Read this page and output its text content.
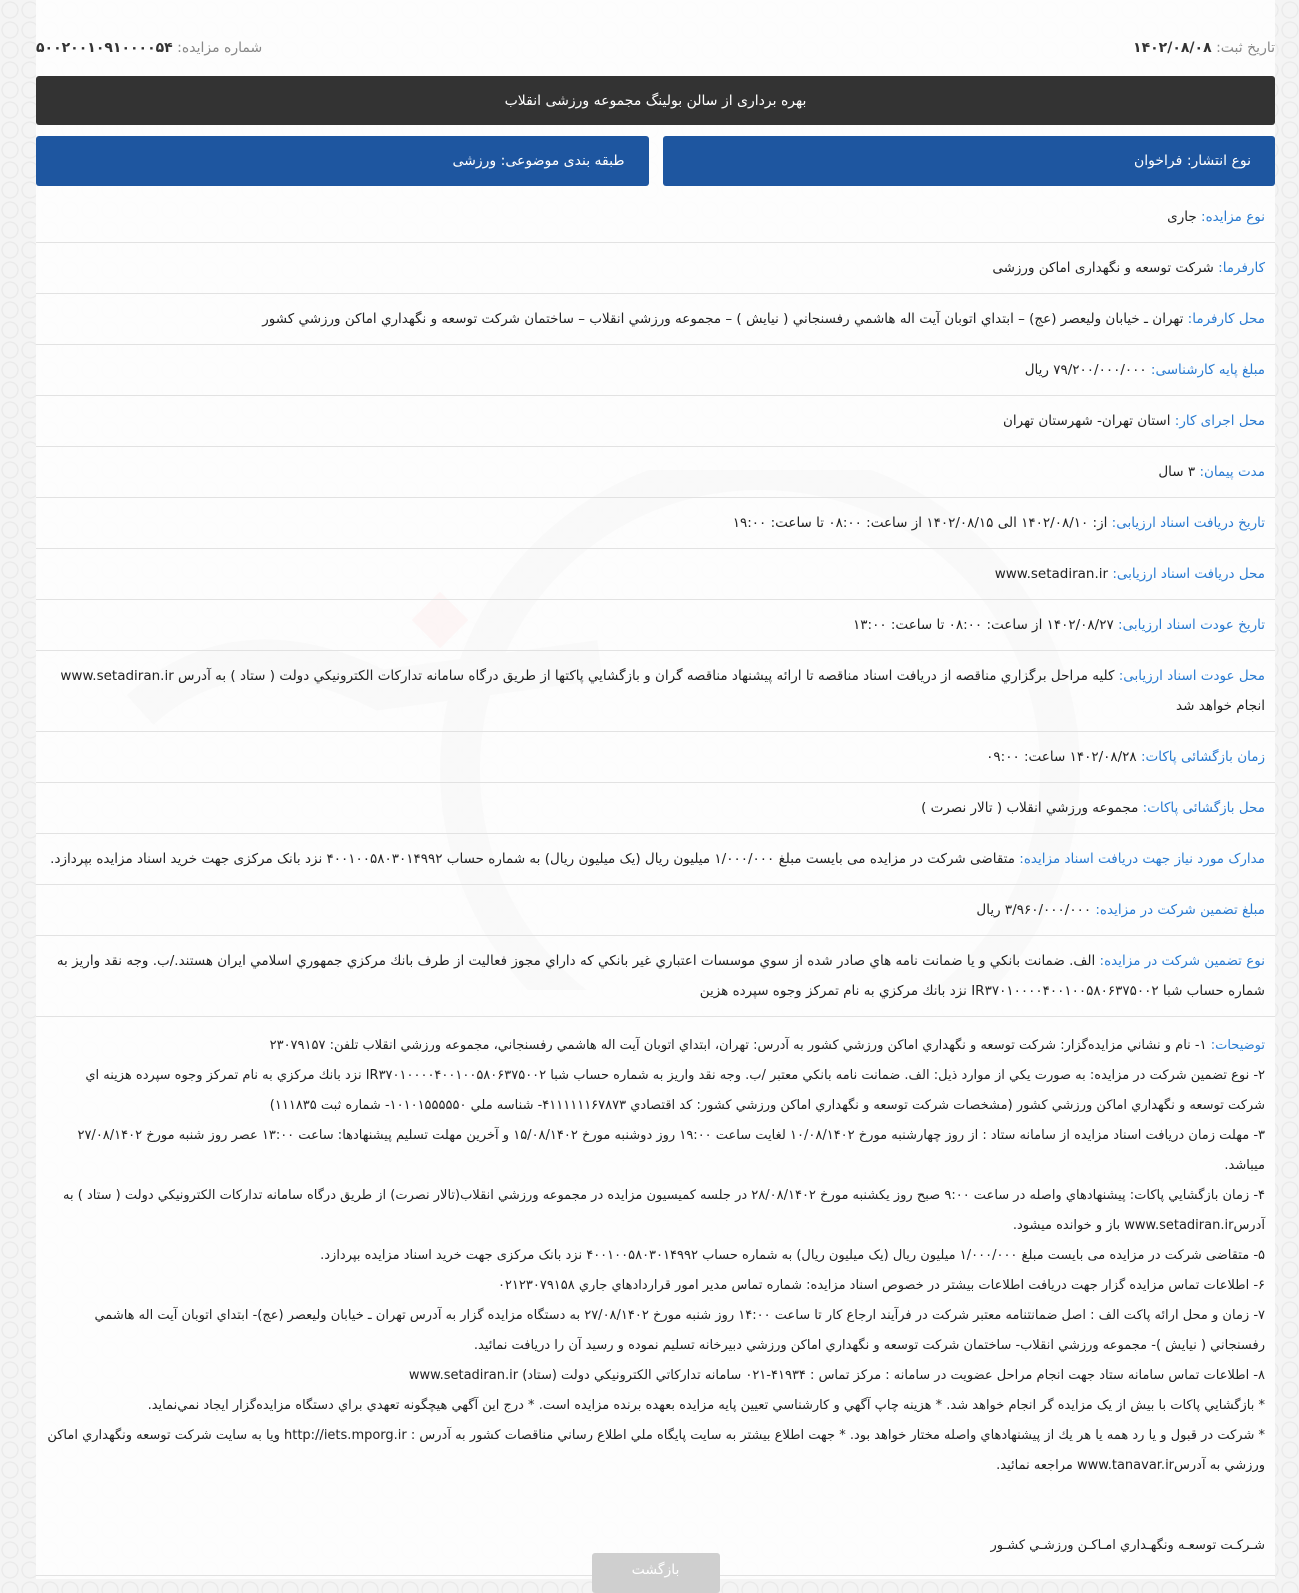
تاریخ ثبت: ۱۴۰۲/۰۸/۰۸
شماره مزایده: ۵۰۰۲۰۰۱۰۹۱۰۰۰۰۵۴
بهره برداری از سالن بولینگ مجموعه ورزشی انقلاب
نوع انتشار:

فراخوان
طبقه بندی موضوعی:

ورزشی
نوع مزایده: جاری
کارفرما: شرکت توسعه و نگهداری اماکن ورزشی
محل کارفرما: تهران ـ خیابان ولیعصر (عج) – ابتداي اتوبان آيت اله هاشمي رفسنجاني ( نيايش ) – مجموعه ورزشي انقلاب – ساختمان شركت توسعه و نگهداري اماكن ورزشي كشور
مبلغ پایه کارشناسی: ۷۹/۲۰۰/۰۰۰/۰۰۰ ریال
محل اجرای کار: استان تهران- شهرستان تهران
مدت پیمان: ۳ سال
تاریخ دریافت اسناد ارزیابی: از: ۱۴۰۲/۰۸/۱۰ الی ۱۴۰۲/۰۸/۱۵ از ساعت: ۰۸:۰۰ تا ساعت: ۱۹:۰۰
محل دریافت اسناد ارزیابی: www.setadiran.ir
تاریخ عودت اسناد ارزیابی: ۱۴۰۲/۰۸/۲۷ از ساعت: ۰۸:۰۰ تا ساعت: ۱۳:۰۰
محل عودت اسناد ارزیابی: كليه مراحل برگزاري مناقصه از دريافت اسناد مناقصه تا ارائه پيشنهاد مناقصه گران و بازگشايي پاكتها از طريق درگاه سامانه تداركات الكترونيكي دولت ( ستاد ) به آدرس www.setadiran.ir انجام خواهد شد
زمان بازگشائی پاکات: ۱۴۰۲/۰۸/۲۸ ساعت: ۰۹:۰۰
محل بازگشائی پاکات: مجموعه ورزشي انقلاب ( تالار نصرت )
مدارک مورد نیاز جهت دریافت اسناد مزایده: متقاضی شرکت در مزایده می بایست مبلغ ۱/۰۰۰/۰۰۰ میلیون ریال (یک میلیون ریال) به شماره حساب ۴۰۰۱۰۰۵۸۰۳۰۱۴۹۹۲ نزد بانک مرکزی جهت خرید اسناد مزایده بپردازد.
مبلغ تضمین شرکت در مزایده: ۳/۹۶۰/۰۰۰/۰۰۰ ریال
نوع تضمین شرکت در مزایده: الف. ضمانت بانكي و يا ضمانت نامه هاي صادر شده از سوي موسسات اعتباري غير بانكي كه داراي مجوز فعاليت از طرف بانك مركزي جمهوري اسلامي ايران هستند./ب. وجه نقد واريز به شماره حساب شبا IR۳۷۰۱۰۰۰۰۴۰۰۱۰۰۵۸۰۶۳۷۵۰۰۲ نزد بانك مركزي به نام تمركز وجوه سپرده هزين
توضیحات: ۱- نام و نشاني مزايده‌گزار: شركت توسعه و نگهداري اماكن ورزشي كشور به آدرس: تهران، ابتداي اتوبان آيت اله هاشمي رفسنجاني، مجموعه ورزشي انقلاب تلفن: ۲۳۰۷۹۱۵۷
۲- نوع تضمين شركت در مزايده: به صورت يكي از موارد ذيل: الف. ضمانت نامه بانكي معتبر /ب. وجه نقد واريز به شماره حساب شبا IR۳۷۰۱۰۰۰۰۴۰۰۱۰۰۵۸۰۶۳۷۵۰۰۲ نزد بانك مركزي به نام تمركز وجوه سپرده هزينه اي شركت توسعه و نگهداري اماكن ورزشي كشور (مشخصات شركت توسعه و نگهداري اماكن ورزشي كشور: كد اقتصادي ۴۱۱۱۱۱۱۶۷۸۷۳- شناسه ملي ۱۰۱۰۱۵۵۵۵۵۰- شماره ثبت ۱۱۱۸۳۵)
۳- مهلت زمان دريافت اسناد مزايده از سامانه ستاد : از روز چهارشنبه مورخ ۱۰/۰۸/۱۴۰۲ لغايت ساعت ۱۹:۰۰ روز دوشنبه مورخ ۱۵/۰۸/۱۴۰۲ و آخرين مهلت تسليم پيشنهادها: ساعت ۱۳:۰۰ عصر روز شنبه مورخ ۲۷/۰۸/۱۴۰۲ ميباشد.
۴- زمان بازگشايي پاكات: پيشنهادهاي واصله در ساعت ۹:۰۰ صبح روز يكشنبه مورخ ۲۸/۰۸/۱۴۰۲ در جلسه كميسيون مزايده در مجموعه ورزشي انقلاب(تالار نصرت) از طريق درگاه سامانه تداركات الكترونيكي دولت ( ستاد ) به آدرسwww.setadiran.ir باز و خوانده ميشود.
۵- متقاضی شرکت در مزایده می بایست مبلغ ۱/۰۰۰/۰۰۰ میلیون ریال (یک میلیون ریال) به شماره حساب ۴۰۰۱۰۰۵۸۰۳۰۱۴۹۹۲ نزد بانک مرکزی جهت خرید اسناد مزایده بپردازد.
۶- اطلاعات تماس مزايده گزار جهت دريافت اطلاعات بيشتر در خصوص اسناد مزايده: شماره تماس مدير امور قراردادهاي جاري ۰۲۱۲۳۰۷۹۱۵۸
۷- زمان و محل ارائه پاکت الف : اصل ضمانتنامه معتبر شركت در فرآيند ارجاع كار تا ساعت ۱۴:۰۰ روز شنبه مورخ ۲۷/۰۸/۱۴۰۲ به دستگاه مزايده گزار به آدرس تهران ـ خيابان وليعصر (عج)- ابتداي اتوبان آيت اله هاشمي رفسنجاني ( نيايش )- مجموعه ورزشي انقلاب- ساختمان شركت توسعه و نگهداري اماكن ورزشي دبيرخانه تسليم نموده و رسيد آن را دريافت نمائيد.
۸- اطلاعات تماس سامانه ستاد جهت انجام مراحل عضويت در سامانه : مركز تماس : ۴۱۹۳۴-۰۲۱ سامانه تداركاتي الكترونيكي دولت (ستاد) www.setadiran.ir
* بازگشايي پاكات با بيش از يک مزايده گر انجام خواهد شد. * هزينه چاپ آگهي و كارشناسي تعيين پايه مزايده بعهده برنده مزايده است. * درج اين آگهي هيچگونه تعهدي براي دستگاه مزايده‌گزار ايجاد نمي‌نمايد.
* شركت در قبول و يا رد همه يا هر يك از پيشنهادهاي واصله مختار خواهد بود. * جهت اطلاع بيشتر به سايت پايگاه ملي اطلاع رساني مناقصات كشور به آدرس : http://iets.mporg.ir ويا به سايت شركت توسعه ونگهداري اماكن ورزشي به آدرسwww.tanavar.ir مراجعه نمائيد.
شـركـت توسعـه ونگهـداري امـاكـن ورزشـي كشـور
بازگشت
